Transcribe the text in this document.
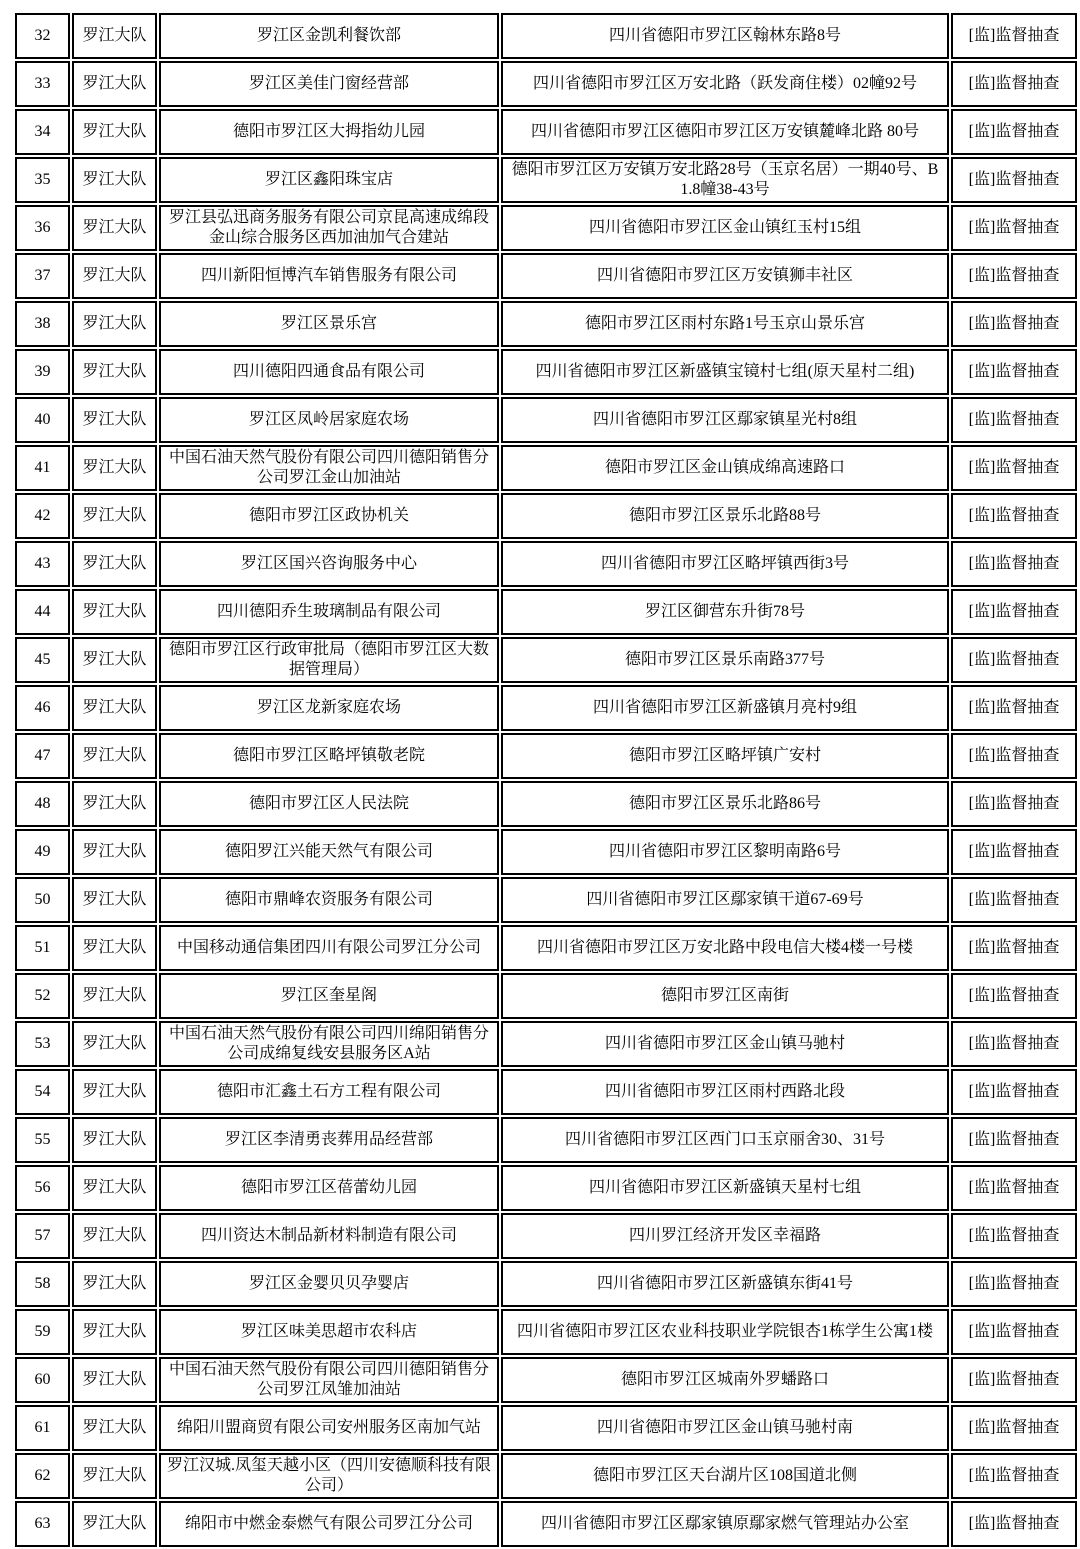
32	罗江大队	罗江区金凯利餐饮部	四川省德阳市罗江区翰林东路8号	[监]监督抽查
33	罗江大队	罗江区美佳门窗经营部	四川省德阳市罗江区万安北路（跃发商住楼）02幢92号	[监]监督抽查
34	罗江大队	德阳市罗江区大拇指幼儿园	四川省德阳市罗江区德阳市罗江区万安镇麓峰北路 80号	[监]监督抽查
35	罗江大队	罗江区鑫阳珠宝店	德阳市罗江区万安镇万安北路28号（玉京名居）一期40号、B1.8幢38-43号	[监]监督抽查
36	罗江大队	罗江县弘迅商务服务有限公司京昆高速成绵段金山综合服务区西加油加气合建站	四川省德阳市罗江区金山镇红玉村15组	[监]监督抽查
37	罗江大队	四川新阳恒博汽车销售服务有限公司	四川省德阳市罗江区万安镇狮丰社区	[监]监督抽查
38	罗江大队	罗江区景乐宫	德阳市罗江区雨村东路1号玉京山景乐宫	[监]监督抽查
39	罗江大队	四川德阳四通食品有限公司	四川省德阳市罗江区新盛镇宝镜村七组(原天星村二组)	[监]监督抽查
40	罗江大队	罗江区凤岭居家庭农场	四川省德阳市罗江区鄢家镇星光村8组	[监]监督抽查
41	罗江大队	中国石油天然气股份有限公司四川德阳销售分公司罗江金山加油站	德阳市罗江区金山镇成绵高速路口	[监]监督抽查
42	罗江大队	德阳市罗江区政协机关	德阳市罗江区景乐北路88号	[监]监督抽查
43	罗江大队	罗江区国兴咨询服务中心	四川省德阳市罗江区略坪镇西街3号	[监]监督抽查
44	罗江大队	四川德阳乔生玻璃制品有限公司	罗江区御营东升街78号	[监]监督抽查
45	罗江大队	德阳市罗江区行政审批局（德阳市罗江区大数据管理局）	德阳市罗江区景乐南路377号	[监]监督抽查
46	罗江大队	罗江区龙新家庭农场	四川省德阳市罗江区新盛镇月亮村9组	[监]监督抽查
47	罗江大队	德阳市罗江区略坪镇敬老院	德阳市罗江区略坪镇广安村	[监]监督抽查
48	罗江大队	德阳市罗江区人民法院	德阳市罗江区景乐北路86号	[监]监督抽查
49	罗江大队	德阳罗江兴能天然气有限公司	四川省德阳市罗江区黎明南路6号	[监]监督抽查
50	罗江大队	德阳市鼎峰农资服务有限公司	四川省德阳市罗江区鄢家镇干道67-69号	[监]监督抽查
51	罗江大队	中国移动通信集团四川有限公司罗江分公司	四川省德阳市罗江区万安北路中段电信大楼4楼一号楼	[监]监督抽查
52	罗江大队	罗江区奎星阁	德阳市罗江区南街	[监]监督抽查
53	罗江大队	中国石油天然气股份有限公司四川绵阳销售分公司成绵复线安县服务区A站	四川省德阳市罗江区金山镇马驰村	[监]监督抽查
54	罗江大队	德阳市汇鑫土石方工程有限公司	四川省德阳市罗江区雨村西路北段	[监]监督抽查
55	罗江大队	罗江区李清勇丧葬用品经营部	四川省德阳市罗江区西门口玉京丽舍30、31号	[监]监督抽查
56	罗江大队	德阳市罗江区蓓蕾幼儿园	四川省德阳市罗江区新盛镇天星村七组	[监]监督抽查
57	罗江大队	四川资达木制品新材料制造有限公司	四川罗江经济开发区幸福路	[监]监督抽查
58	罗江大队	罗江区金婴贝贝孕婴店	四川省德阳市罗江区新盛镇东街41号	[监]监督抽查
59	罗江大队	罗江区味美思超市农科店	四川省德阳市罗江区农业科技职业学院银杏1栋学生公寓1楼	[监]监督抽查
60	罗江大队	中国石油天然气股份有限公司四川德阳销售分公司罗江凤雏加油站	德阳市罗江区城南外罗蟠路口	[监]监督抽查
61	罗江大队	绵阳川盟商贸有限公司安州服务区南加气站	四川省德阳市罗江区金山镇马驰村南	[监]监督抽查
62	罗江大队	罗江汉城.凤玺天越小区（四川安德顺科技有限公司）	德阳市罗江区天台湖片区108国道北侧	[监]监督抽查
63	罗江大队	绵阳市中燃金泰燃气有限公司罗江分公司	四川省德阳市罗江区鄢家镇原鄢家燃气管理站办公室	[监]监督抽查
